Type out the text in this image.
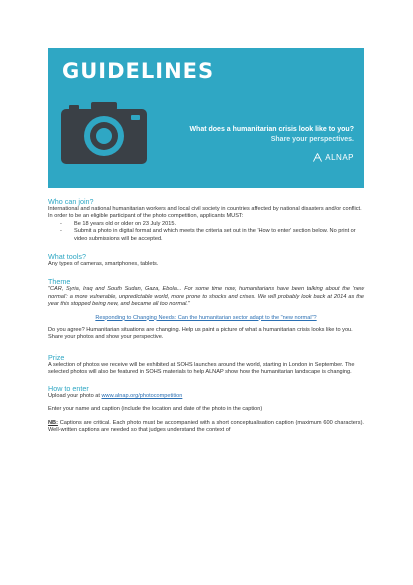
GUIDELINES
What does a humanitarian crisis look like to you?
Share your perspectives.
ALNAP
Who can join?

International and national humanitarian workers and local civil society in countries affected by national disasters and/or conflict.

In order to be an eligible participant of the photo competition, applicants MUST:

- Be 18 years old or older on 23 July 2015.
- Submit a photo in digital format and which meets the criteria set out in the 'How to enter' section below. No print or video submissions will be accepted.
What tools?

Any types of cameras, smartphones, tablets.

Theme

"CAR, Syria, Iraq and South Sudan, Gaza, Ebola... For some time now, humanitarians have been talking about the 'new normal': a more vulnerable, unpredictable world, more prone to shocks and crises. We will probably look back at 2014 as the year this stopped being new, and became all too normal."

Responding to Changing Needs: Can the humanitarian sector adapt to the "new normal"?

Do you agree? Humanitarian situations are changing. Help us paint a picture of what a humanitarian crisis looks like to you. Share your photos and show your perspective.

Prize

A selection of photos we receive will be exhibited at SOHS launches around the world, starting in London in September. The selected photos will also be featured in SOHS materials to help ALNAP show how the humanitarian landscape is changing.

How to enter

Upload your photo at www.alnap.org/photocompetition

Enter your name and caption (include the location and date of the photo in the caption)

NB: Captions are critical. Each photo must be accompanied with a short conceptualisation caption (maximum 600 characters). Well-written captions are needed so that judges understand the context of
